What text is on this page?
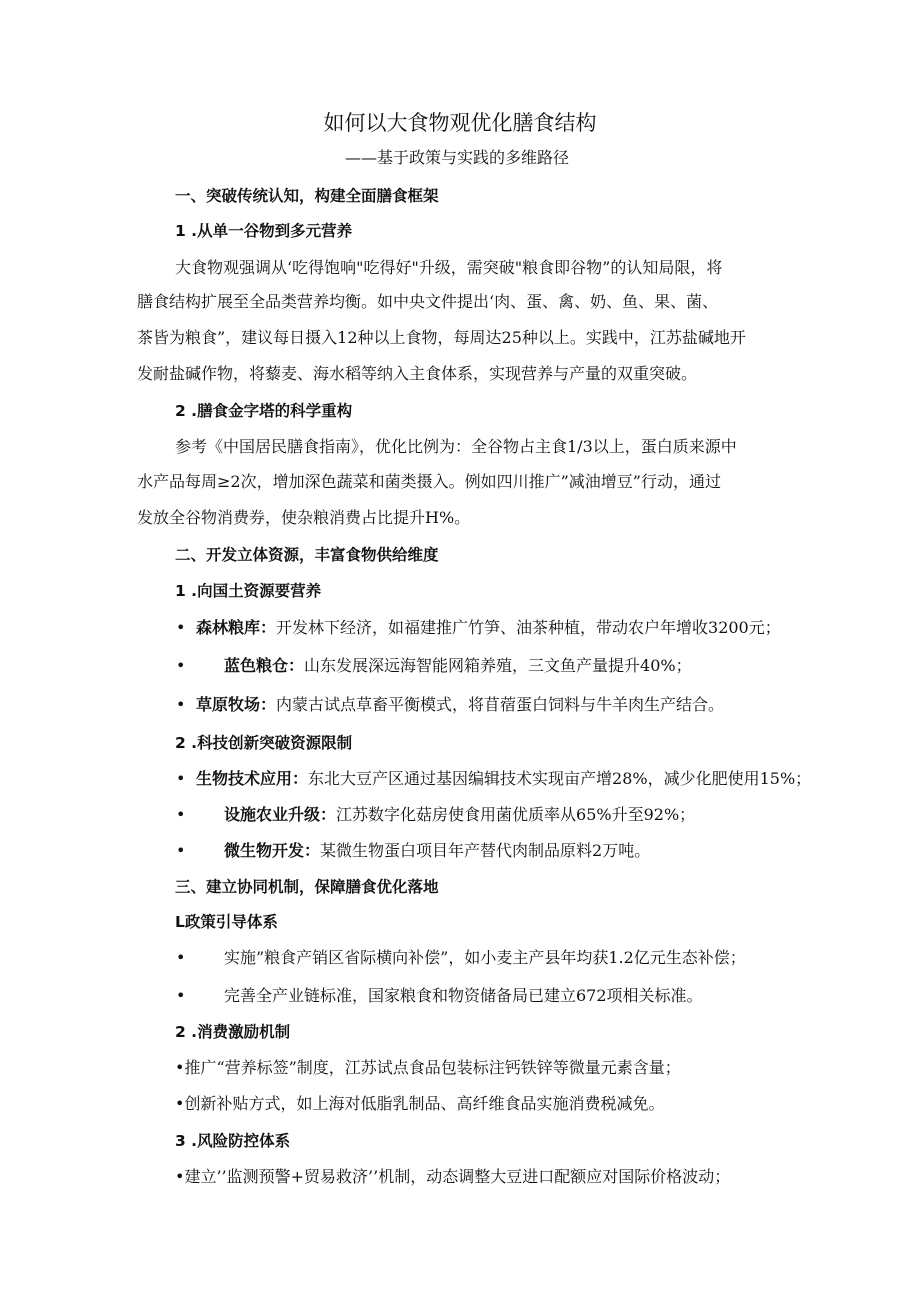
如何以大食物观优化膳食结构
——基于政策与实践的多维路径
一、突破传统认知，构建全面膳食框架
1 .从单一谷物到多元营养
大食物观强调从‘吃得饱响"吃得好"升级，需突破"粮食即谷物”的认知局限，将
膳食结构扩展至全品类营养均衡。如中央文件提出‘肉、蛋、禽、奶、鱼、果、菌、
茶皆为粮食”，建议每日摄入12种以上食物，每周达25种以上。实践中，江苏盐碱地开
发耐盐碱作物，将藜麦、海水稻等纳入主食体系，实现营养与产量的双重突破。
2 .膳食金字塔的科学重构
参考《中国居民膳食指南》，优化比例为：全谷物占主食1/3以上，蛋白质来源中
水产品每周≥2次，增加深色蔬菜和菌类摄入。例如四川推广”减油增豆”行动，通过
发放全谷物消费券，使杂粮消费占比提升H%。
二、开发立体资源，丰富食物供给维度
1 .向国土资源要营养
• 森林粮库：开发林下经济，如福建推广竹笋、油茶种植，带动农户年增收3200元；
• 蓝色粮仓：山东发展深远海智能网箱养殖，三文鱼产量提升40%；
• 草原牧场：内蒙古试点草畜平衡模式，将苜蓿蛋白饲料与牛羊肉生产结合。
2 .科技创新突破资源限制
• 生物技术应用：东北大豆产区通过基因编辑技术实现亩产增28%，减少化肥使用15%；
• 设施农业升级：江苏数字化菇房使食用菌优质率从65%升至92%；
• 微生物开发：某微生物蛋白项目年产替代肉制品原料2万吨。
三、建立协同机制，保障膳食优化落地
L政策引导体系
• 实施”粮食产销区省际横向补偿”，如小麦主产县年均获1.2亿元生态补偿；
• 完善全产业链标准，国家粮食和物资储备局已建立672项相关标准。
2 .消费激励机制
•推广“营养标签”制度，江苏试点食品包装标注钙铁锌等微量元素含量；
•创新补贴方式，如上海对低脂乳制品、高纤维食品实施消费税减免。
3 .风险防控体系
•建立’’监测预警+贸易救济’’机制，动态调整大豆进口配额应对国际价格波动；
